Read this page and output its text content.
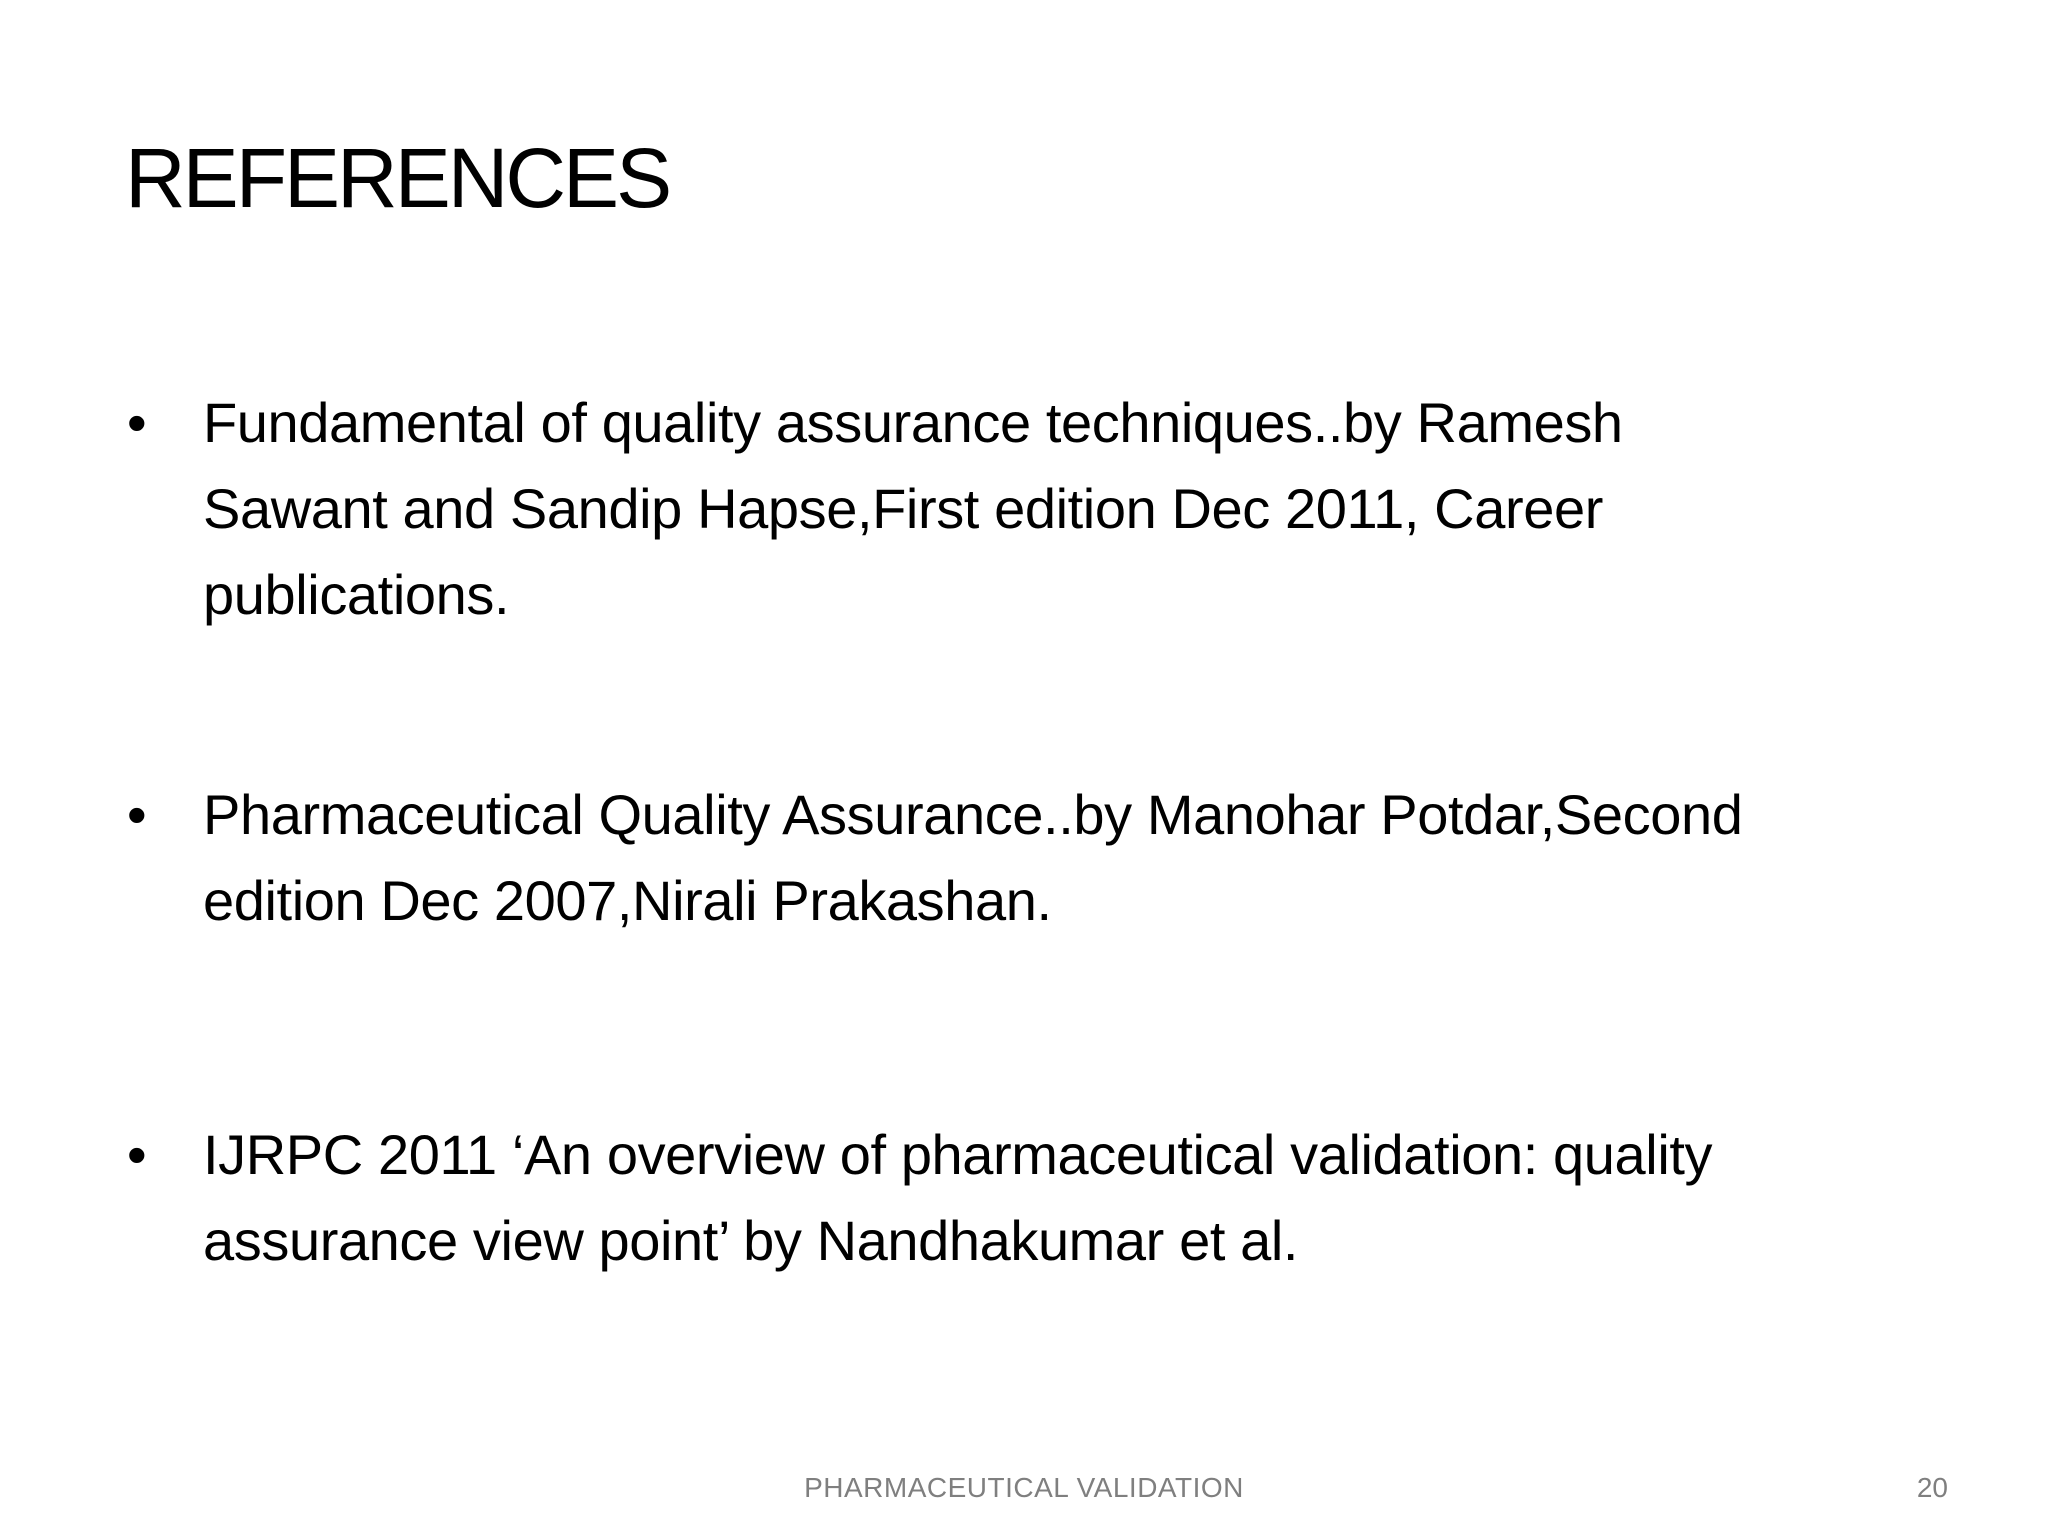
REFERENCES
• Fundamental of quality assurance techniques..by Ramesh
Sawant and Sandip Hapse,First edition Dec 2011, Career
publications.
• Pharmaceutical Quality Assurance..by Manohar Potdar,Second
edition Dec 2007,Nirali Prakashan.
• IJRPC 2011 ‘An overview of pharmaceutical validation: quality
assurance view point’ by Nandhakumar et al.
PHARMACEUTICAL VALIDATION	20
